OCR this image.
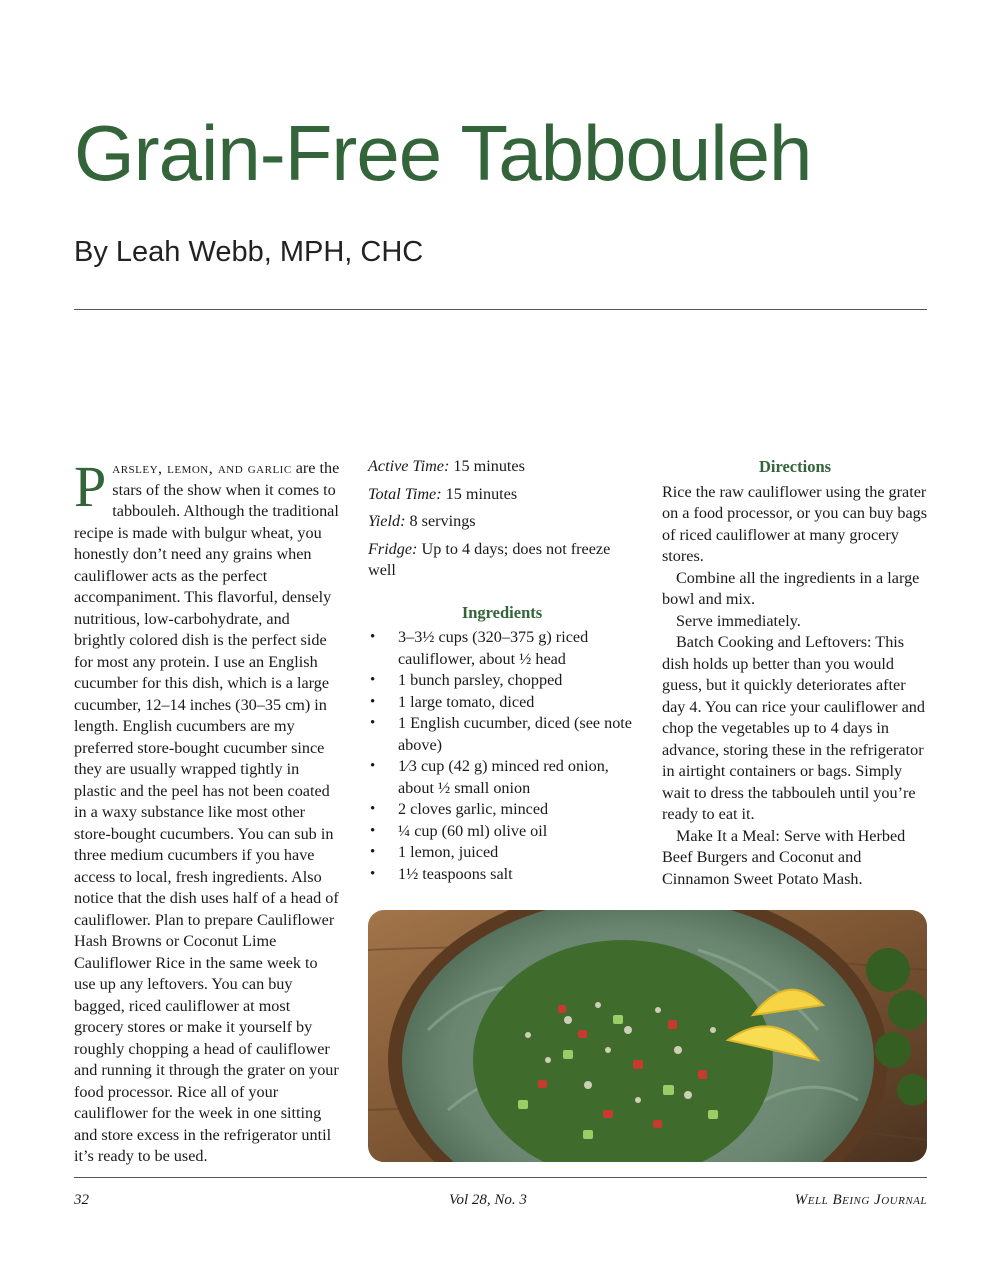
Grain-Free Tabbouleh
By Leah Webb, MPH, CHC

Parsley, lemon, and garlic are the stars of the show when it comes to tabbouleh. Although the traditional recipe is made with bulgur wheat, you honestly don’t need any grains when cauliflower acts as the perfect accompaniment. This flavorful, densely nutritious, low-carbohydrate, and brightly colored dish is the perfect side for most any protein. I use an English cucumber for this dish, which is a large cucumber, 12–14 inches (30–35 cm) in length. English cucumbers are my preferred store-bought cucumber since they are usually wrapped tightly in plastic and the peel has not been coated in a waxy substance like most other store-bought cucumbers. You can sub in three medium cucumbers if you have access to local, fresh ingredients. Also notice that the dish uses half of a head of cauliflower. Plan to prepare Cauliflower Hash Browns or Coconut Lime Cauliflower Rice in the same week to use up any leftovers. You can buy bagged, riced cauliflower at most grocery stores or make it yourself by roughly chopping a head of cauliflower and running it through the grater on your food processor. Rice all of your cauliflower for the week in one sitting and store excess in the refrigerator until it’s ready to be used.

Active Time: 15 minutes

Total Time: 15 minutes

Yield: 8 servings

Fridge: Up to 4 days; does not freeze well

Ingredients
• 3–3½ cups (320–375 g) riced cauliflower, about ½ head
• 1 bunch parsley, chopped
• 1 large tomato, diced
• 1 English cucumber, diced (see note above)
• 1⁄3 cup (42 g) minced red onion, about ½ small onion
• 2 cloves garlic, minced
• ¼ cup (60 ml) olive oil
• 1 lemon, juiced
• 1½ teaspoons salt
Directions

Rice the raw cauliflower using the grater on a food processor, or you can buy bags of riced cauliflower at many grocery stores.

Combine all the ingredients in a large bowl and mix.

Serve immediately.

Batch Cooking and Leftovers: This dish holds up better than you would guess, but it quickly deteriorates after day 4. You can rice your cauliflower and chop the vegetables up to 4 days in advance, storing these in the refrigerator in airtight containers or bags. Simply wait to dress the tabbouleh until you’re ready to eat it.

Make It a Meal: Serve with Herbed Beef Burgers and Coconut and Cinnamon Sweet Potato Mash.

32	Vol 28, No. 3	Well Being Journal
